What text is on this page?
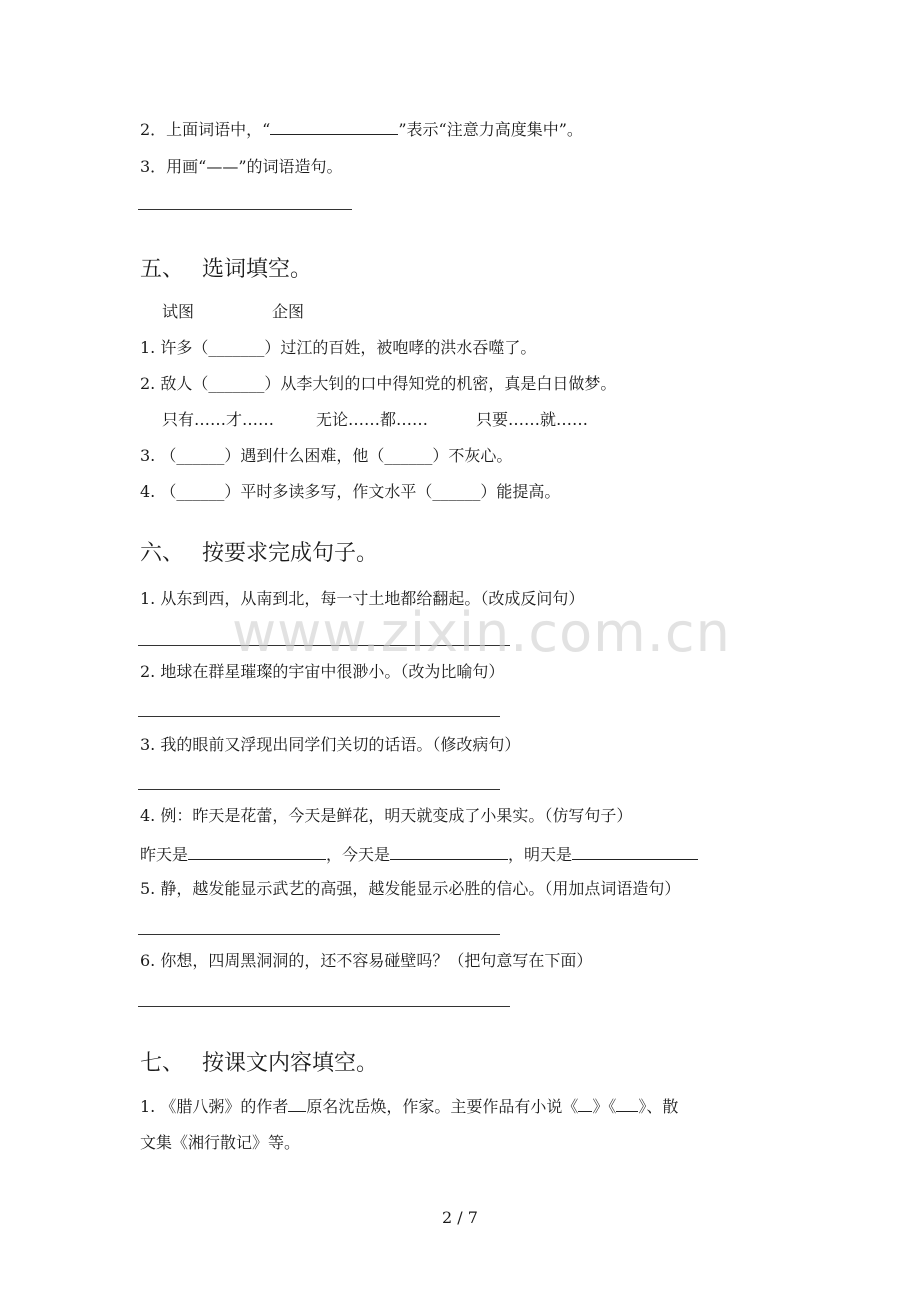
2．上面词语中，“	”表示“注意力高度集中”。
3．用画“——”的词语造句。
五、 选词填空。
试图	企图
1. 许多（_______）过江的百姓，被咆哮的洪水吞噬了。
2. 敌人（_______）从李大钊的口中得知党的机密，真是白日做梦。
只有……才……	无论……都……	只要……就……
3. （______）遇到什么困难，他（______）不灰心。
4. （______）平时多读多写，作文水平（______）能提高。
六、 按要求完成句子。
1. 从东到西，从南到北，每一寸土地都给翻起。（改成反问句）
2. 地球在群星璀璨的宇宙中很渺小。（改为比喻句）
3. 我的眼前又浮现出同学们关切的话语。（修改病句）
4. 例：昨天是花蕾，今天是鲜花，明天就变成了小果实。（仿写句子）
昨天是	，今天是	，明天是
5. 静，越发能显示武艺的高强，越发能显示必胜的信心。（用加点词语造句）
6. 你想，四周黑洞洞的，还不容易碰壁吗？（把句意写在下面）
七、 按课文内容填空。
1. 《腊八粥》的作者 原名沈岳焕，作家。主要作品有小说《 》《 》、散
文集《湘行散记》等。
www.zixin.com.cn
2 / 7
